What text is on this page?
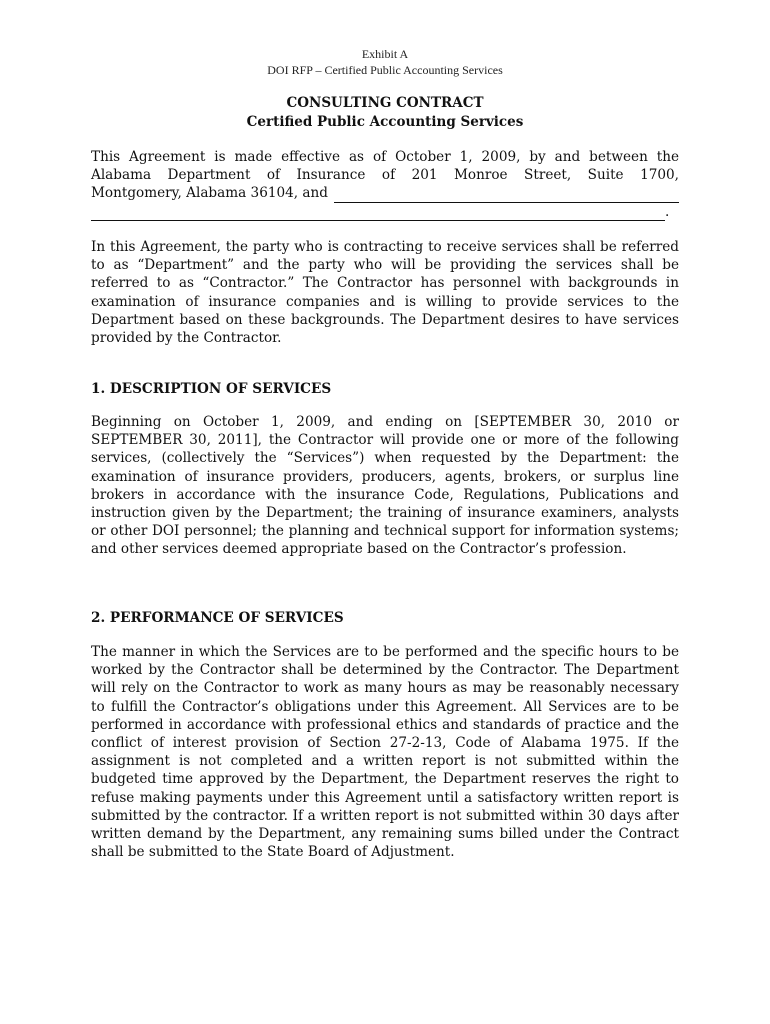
Exhibit A
DOI RFP – Certified Public Accounting Services
CONSULTING CONTRACT
Certified Public Accounting Services
This Agreement is made effective as of October 1, 2009, by and between the
Alabama Department of Insurance of 201 Monroe Street, Suite 1700,
Montgomery, Alabama 36104, and
.

In this Agreement, the party who is contracting to receive services shall be referred to as “Department” and the party who will be providing the services shall be referred to as “Contractor.” The Contractor has personnel with backgrounds in examination of insurance companies and is willing to provide services to the Department based on these backgrounds. The Department desires to have services provided by the Contractor.

1. DESCRIPTION OF SERVICES

Beginning on October 1, 2009, and ending on [SEPTEMBER 30, 2010 or SEPTEMBER 30, 2011], the Contractor will provide one or more of the following services, (collectively the “Services”) when requested by the Department: the examination of insurance providers, producers, agents, brokers, or surplus line brokers in accordance with the insurance Code, Regulations, Publications and instruction given by the Department; the training of insurance examiners, analysts or other DOI personnel; the planning and technical support for information systems; and other services deemed appropriate based on the Contractor’s profession.

2. PERFORMANCE OF SERVICES

The manner in which the Services are to be performed and the specific hours to be worked by the Contractor shall be determined by the Contractor. The Department will rely on the Contractor to work as many hours as may be reasonably necessary to fulfill the Contractor’s obligations under this Agreement. All Services are to be performed in accordance with professional ethics and standards of practice and the conflict of interest provision of Section 27-2-13, Code of Alabama 1975. If the assignment is not completed and a written report is not submitted within the budgeted time approved by the Department, the Department reserves the right to refuse making payments under this Agreement until a satisfactory written report is submitted by the contractor. If a written report is not submitted within 30 days after written demand by the Department, any remaining sums billed under the Contract shall be submitted to the State Board of Adjustment.
